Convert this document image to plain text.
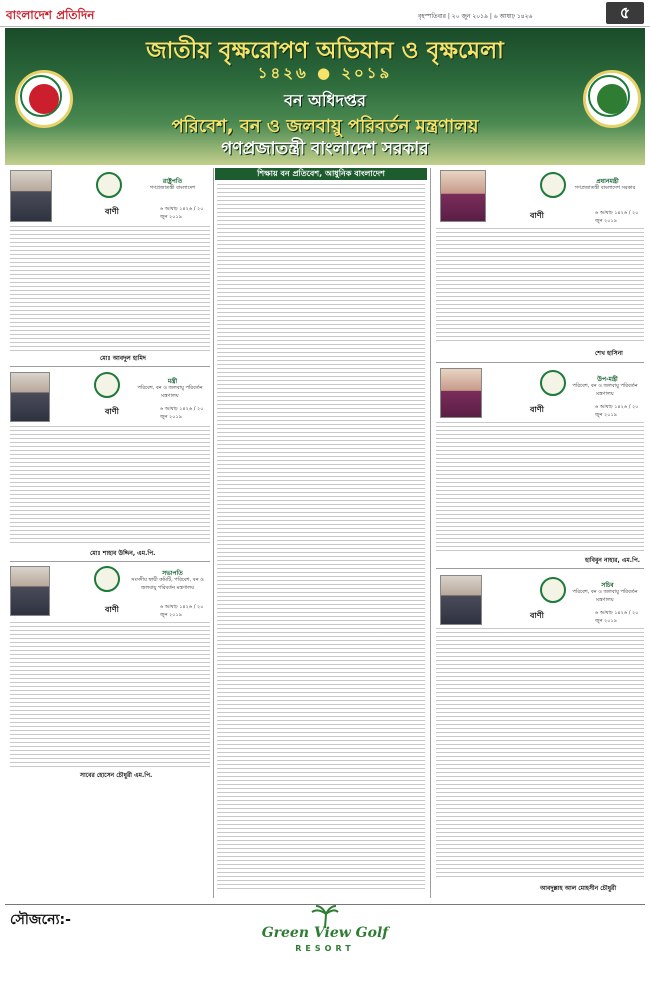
বাংলাদেশ প্রতিদিন	বৃহস্পতিবার | ২০ জুন ২০১৯ | ৬ আষাঢ় ১৪২৬	৫
জাতীয় বৃক্ষরোপণ অভিযান ও বৃক্ষমেলা
১৪২৬ ● ২০১৯
বন অধিদপ্তর
পরিবেশ, বন ও জলবায়ু পরিবর্তন মন্ত্রণালয়
গণপ্রজাতন্ত্রী বাংলাদেশ সরকার
রাষ্ট্রপতি
গণপ্রজাতন্ত্রী বাংলাদেশ
বাণী	৬ আষাঢ় ১৪২৬ / ২০ জুন ২০১৯
মোঃ আবদুল হামিদ
মন্ত্রী
পরিবেশ, বন ও জলবায়ু পরিবর্তন মন্ত্রণালয়
বাণী	৬ আষাঢ় ১৪২৬ / ২০ জুন ২০১৯
মোঃ শাহাব উদ্দিন, এম.পি.
সভাপতি
সংসদীয় স্থায়ী কমিটি, পরিবেশ, বন ও জলবায়ু পরিবর্তন মন্ত্রণালয়
বাণী	৬ আষাঢ় ১৪২৬ / ২০ জুন ২০১৯
সাবের হোসেন চৌধুরী এম.পি.
শিক্ষায় বন প্রতিবেশ, আধুনিক বাংলাদেশ
প্রধানমন্ত্রী
গণপ্রজাতন্ত্রী বাংলাদেশ সরকার
বাণী	৬ আষাঢ় ১৪২৬ / ২০ জুন ২০১৯
শেখ হাসিনা
উপ-মন্ত্রী
পরিবেশ, বন ও জলবায়ু পরিবর্তন মন্ত্রণালয়
বাণী	৬ আষাঢ় ১৪২৬ / ২০ জুন ২০১৯
হাবিবুন নাহার, এম.পি.
সচিব
পরিবেশ, বন ও জলবায়ু পরিবর্তন মন্ত্রণালয়
বাণী	৬ আষাঢ় ১৪২৬ / ২০ জুন ২০১৯
আবদুল্লাহ আল মোহসীন চৌধুরী
সৌজন্যে:-
Green View Golf
RESORT
